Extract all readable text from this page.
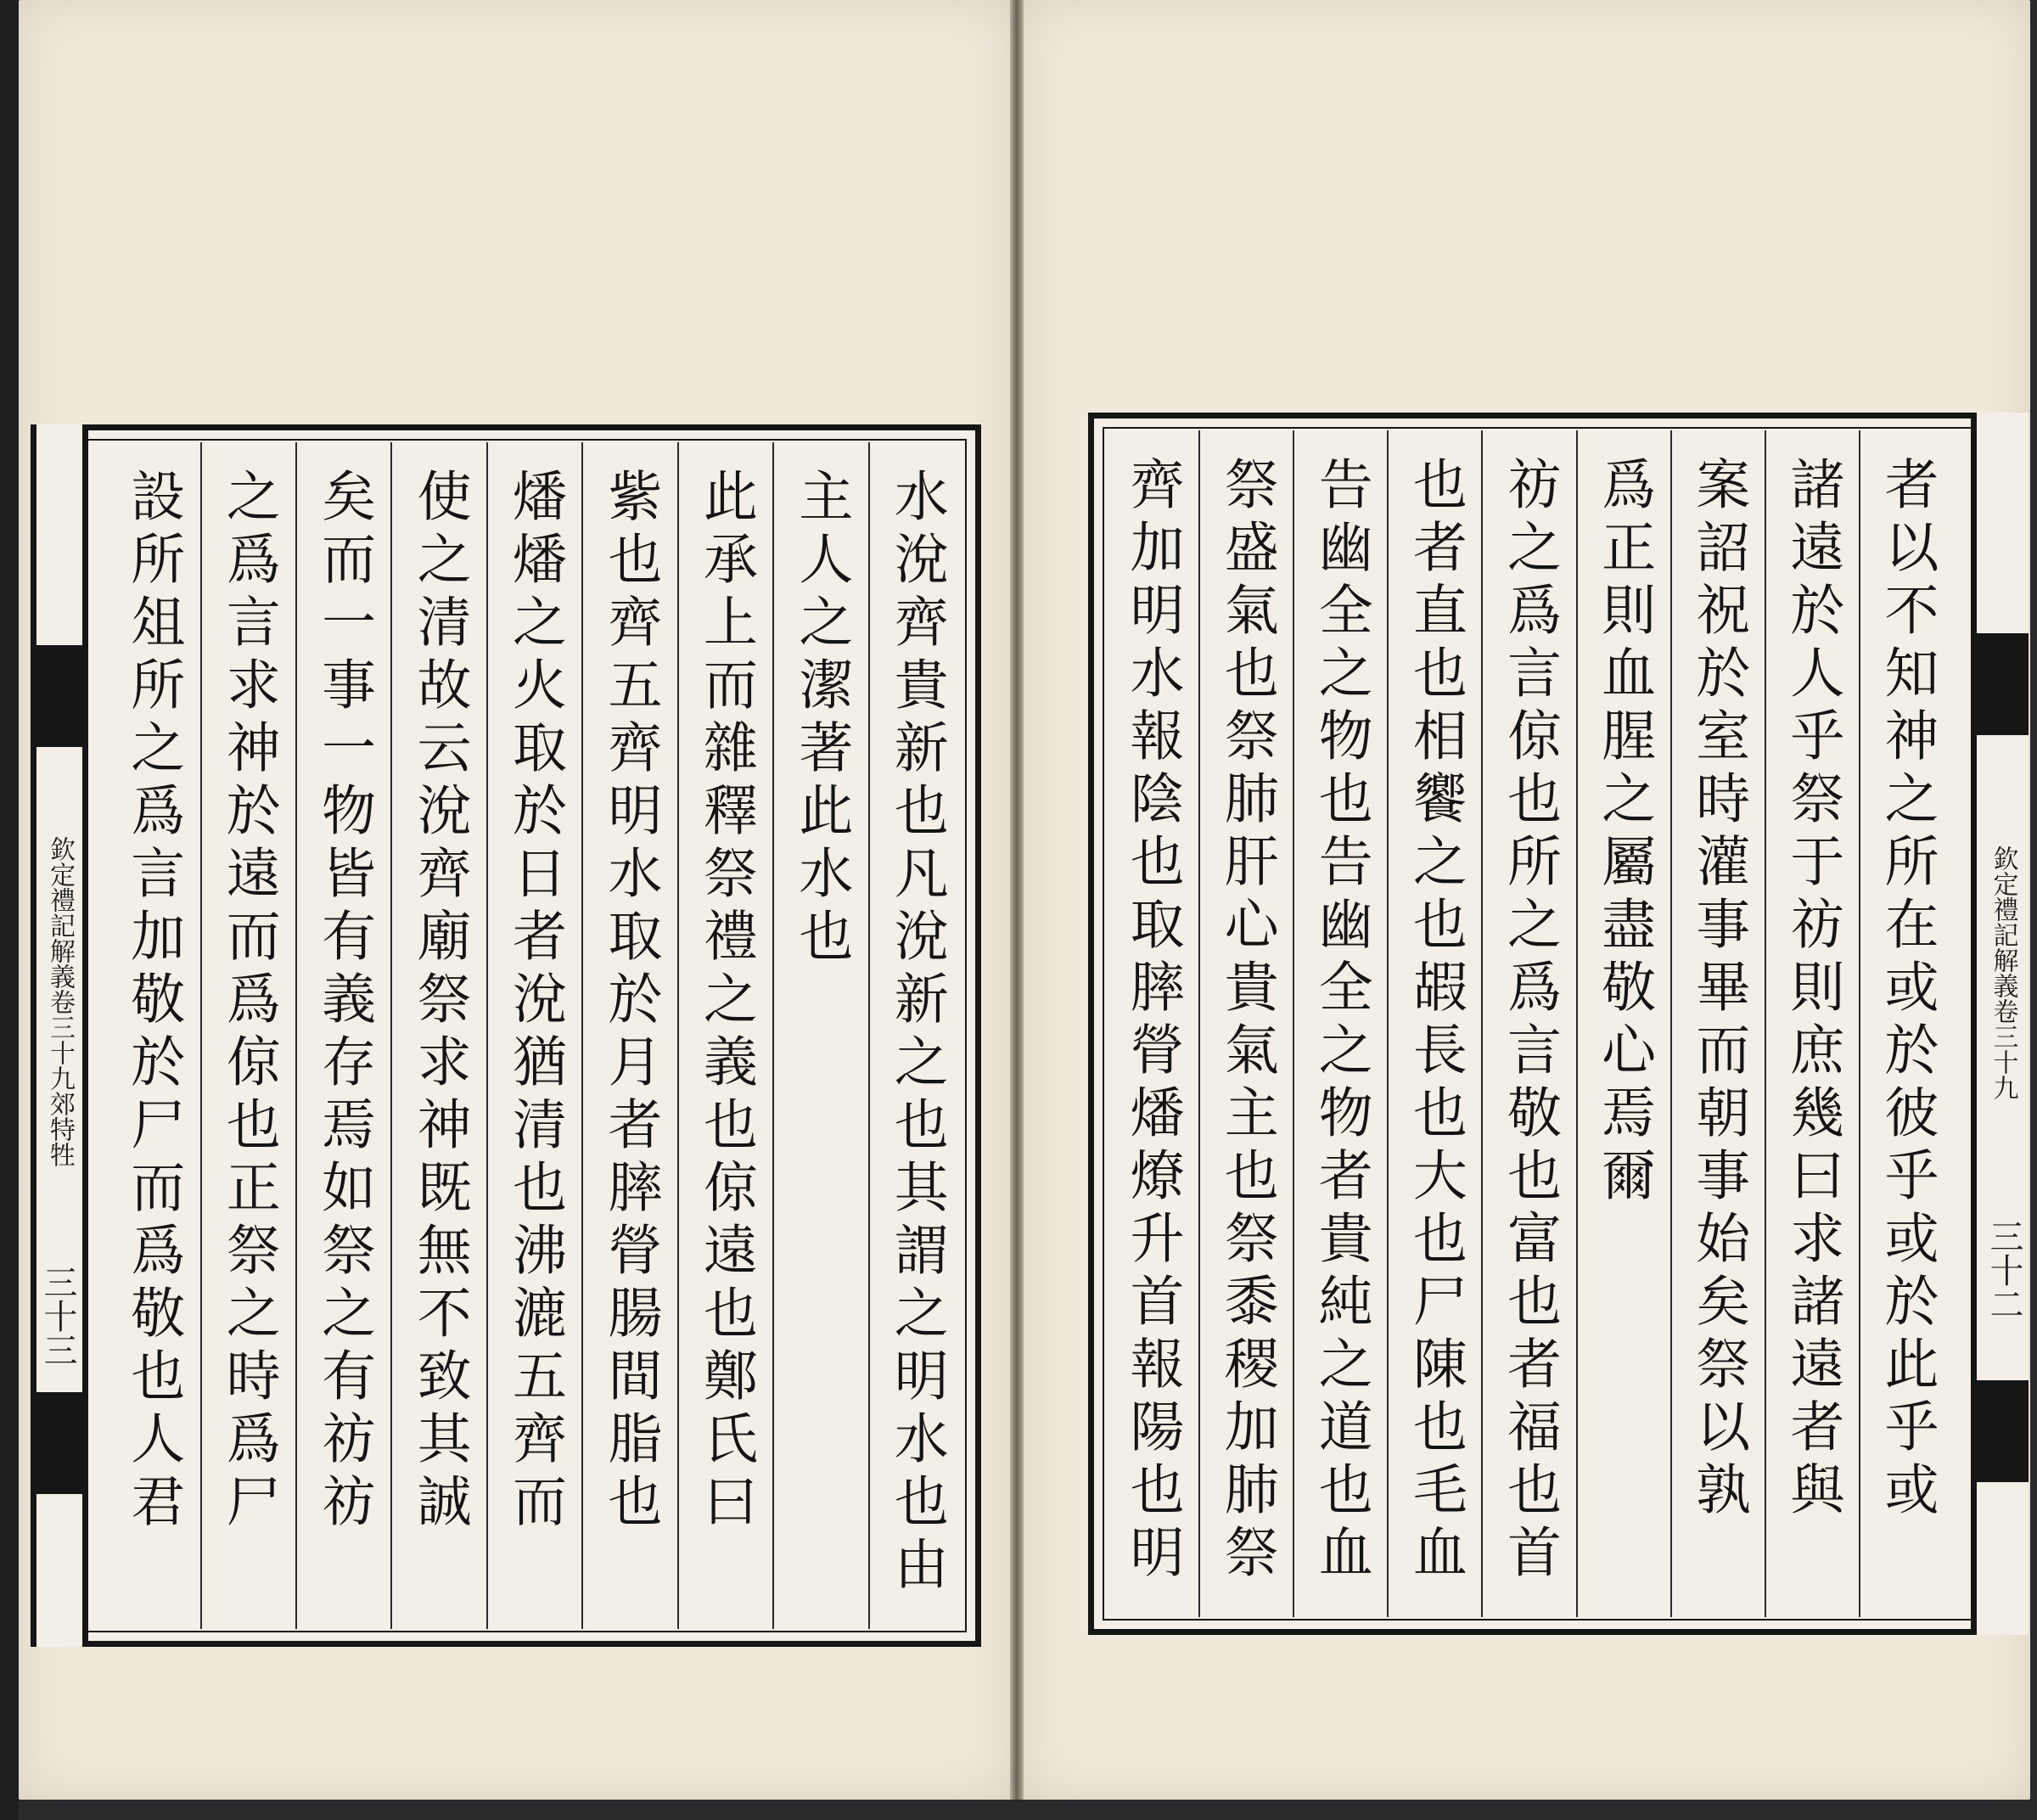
水涗齊貴新也凡涗新之也其謂之明水也由
主人之潔著此水也
此承上而雜釋祭禮之義也倞遠也鄭氏曰
紫也齊五齊明水取於月者膟膋腸間脂也
燔燔之火取於日者涗猶清也沸漉五齊而
使之清故云涗齊廟祭求神既無不致其誠
矣而一事一物皆有義存焉如祭之有祊祊
之爲言求神於遠而爲倞也正祭之時爲尸
設所俎所之爲言加敬於尸而爲敬也人君
欽定禮記解義卷三十九郊特牲
三十三	者以不知神之所在或於彼乎或於此乎或
諸遠於人乎祭于祊則庶幾曰求諸遠者與
案詔祝於室時灌事畢而朝事始矣祭以孰
爲正則血腥之屬盡敬心焉爾
祊之爲言倞也所之爲言敬也富也者福也首
也者直也相饗之也嘏長也大也尸陳也毛血
告幽全之物也告幽全之物者貴純之道也血
祭盛氣也祭肺肝心貴氣主也祭黍稷加肺祭
齊加明水報陰也取膟膋燔燎升首報陽也明	欽定禮記解義卷三十九
三十二
